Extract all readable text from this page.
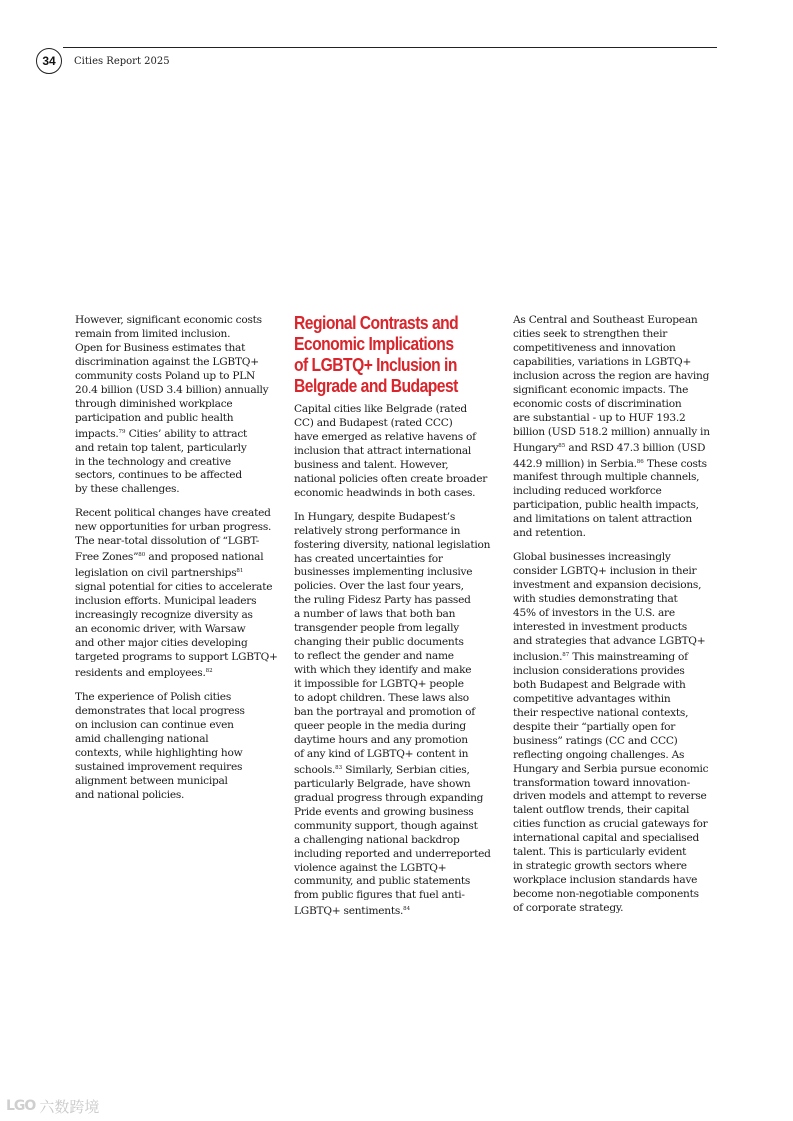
34	Cities Report 2025

However, significant economic costs
remain from limited inclusion.
Open for Business estimates that
discrimination against the LGBTQ+
community costs Poland up to PLN
20.4 billion (USD 3.4 billion) annually
through diminished workplace
participation and public health
impacts.$^{79}$ Cities’ ability to attract
and retain top talent, particularly
in the technology and creative
sectors, continues to be affected
by these challenges.

Recent political changes have created
new opportunities for urban progress.
The near-total dissolution of “LGBT-
Free Zones”$^{80}$ and proposed national
legislation on civil partnerships$^{81}$
signal potential for cities to accelerate
inclusion efforts. Municipal leaders
increasingly recognize diversity as
an economic driver, with Warsaw
and other major cities developing
targeted programs to support LGBTQ+
residents and employees.$^{82}$

The experience of Polish cities
demonstrates that local progress
on inclusion can continue even
amid challenging national
contexts, while highlighting how
sustained improvement requires
alignment between municipal
and national policies.

Regional Contrasts and
Economic Implications
of LGBTQ+ Inclusion in
Belgrade and Budapest

Capital cities like Belgrade (rated
CC) and Budapest (rated CCC)
have emerged as relative havens of
inclusion that attract international
business and talent. However,
national policies often create broader
economic headwinds in both cases.

In Hungary, despite Budapest’s
relatively strong performance in
fostering diversity, national legislation
has created uncertainties for
businesses implementing inclusive
policies. Over the last four years,
the ruling Fidesz Party has passed
a number of laws that both ban
transgender people from legally
changing their public documents
to reflect the gender and name
with which they identify and make
it impossible for LGBTQ+ people
to adopt children. These laws also
ban the portrayal and promotion of
queer people in the media during
daytime hours and any promotion
of any kind of LGBTQ+ content in
schools.$^{83}$ Similarly, Serbian cities,
particularly Belgrade, have shown
gradual progress through expanding
Pride events and growing business
community support, though against
a challenging national backdrop
including reported and underreported
violence against the LGBTQ+
community, and public statements
from public figures that fuel anti-
LGBTQ+ sentiments.$^{84}$

As Central and Southeast European
cities seek to strengthen their
competitiveness and innovation
capabilities, variations in LGBTQ+
inclusion across the region are having
significant economic impacts. The
economic costs of discrimination
are substantial - up to HUF 193.2
billion (USD 518.2 million) annually in
Hungary$^{85}$ and RSD 47.3 billion (USD
442.9 million) in Serbia.$^{86}$ These costs
manifest through multiple channels,
including reduced workforce
participation, public health impacts,
and limitations on talent attraction
and retention.

Global businesses increasingly
consider LGBTQ+ inclusion in their
investment and expansion decisions,
with studies demonstrating that
45% of investors in the U.S. are
interested in investment products
and strategies that advance LGBTQ+
inclusion.$^{87}$ This mainstreaming of
inclusion considerations provides
both Budapest and Belgrade with
competitive advantages within
their respective national contexts,
despite their “partially open for
business” ratings (CC and CCC)
reflecting ongoing challenges. As
Hungary and Serbia pursue economic
transformation toward innovation-
driven models and attempt to reverse
talent outflow trends, their capital
cities function as crucial gateways for
international capital and specialised
talent. This is particularly evident
in strategic growth sectors where
workplace inclusion standards have
become non-negotiable components
of corporate strategy.

LGO 六数跨境
